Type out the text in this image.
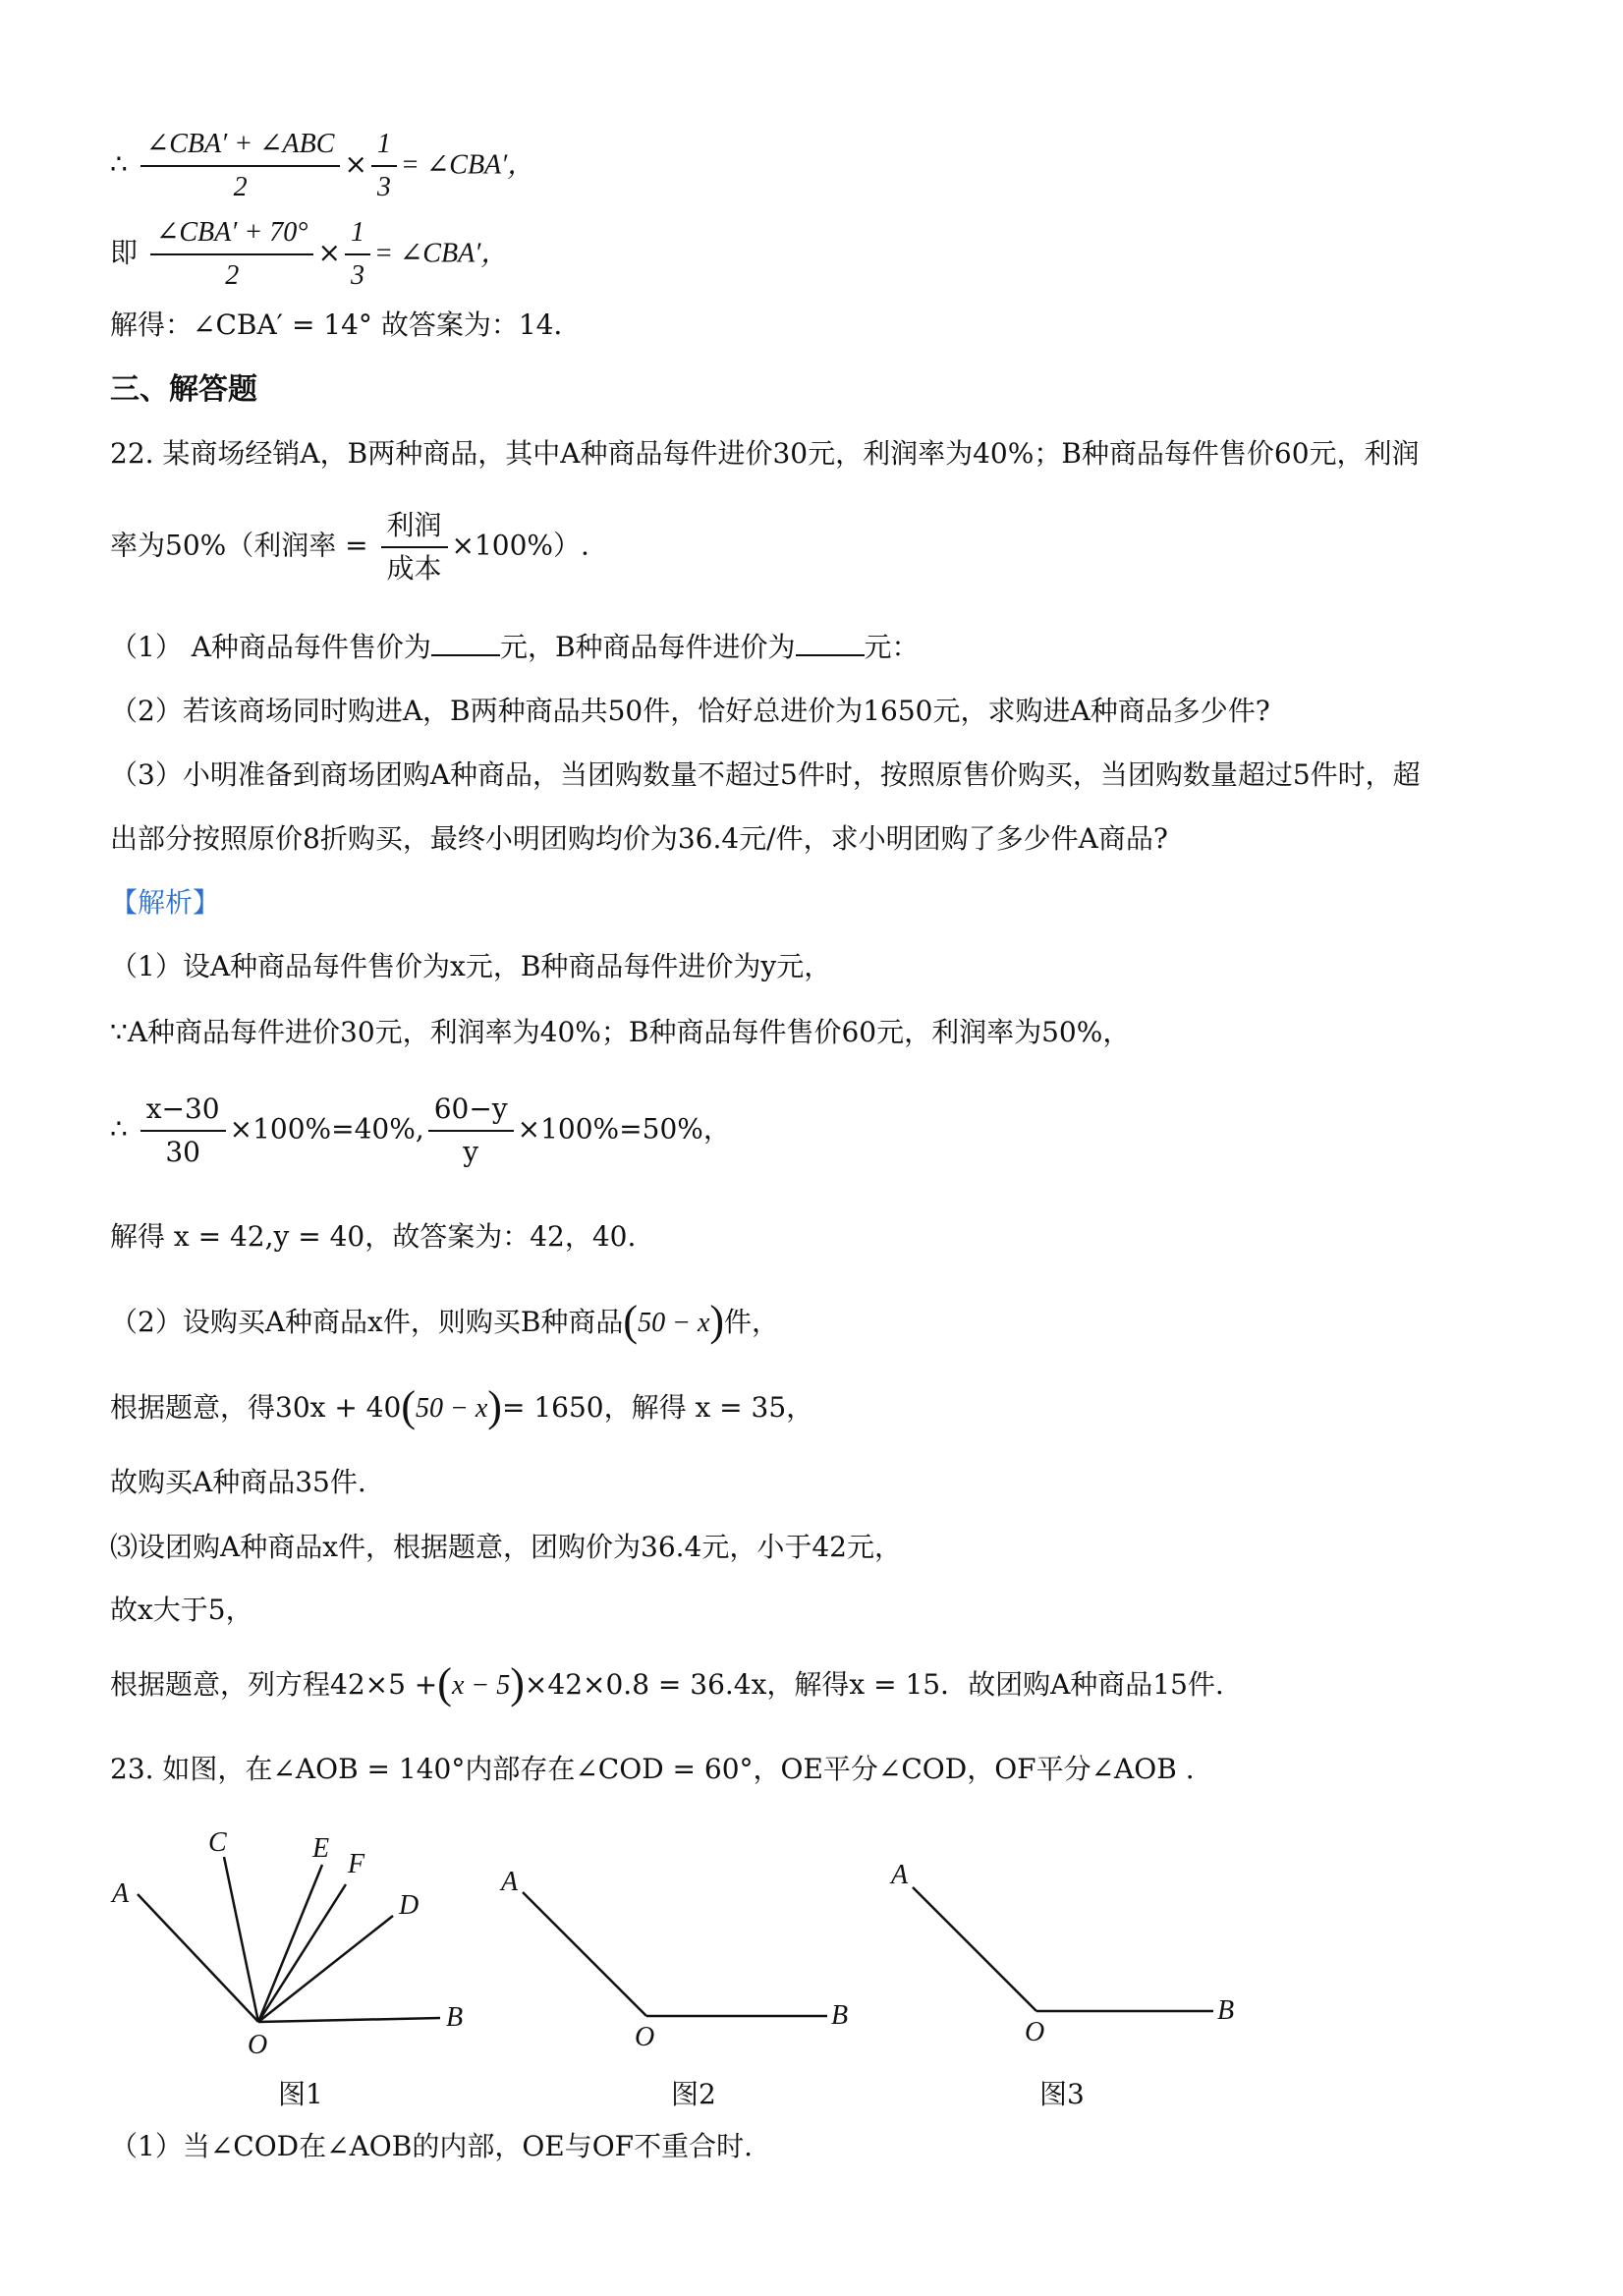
∴ $\frac{\text{∠CBA′ + ∠ABC}}{2} \times \frac{1}{3}$ = ∠CBA′，
即 $\frac{\text{∠CBA′ + 70°}}{2} \times \frac{1}{3}$ = ∠CBA′，
解得：∠CBA′ = 14° 故答案为：14．
三、解答题
22. 某商场经销A，B两种商品，其中A种商品每件进价30元，利润率为40%；B种商品每件售价60元，利润
率为50%（利润率 = $\frac{\text{利润}}{\text{成本}} \times 100\%$）.
（1） A种商品每件售价为	元，B种商品每件进价为	元：
（2）若该商场同时购进A，B两种商品共50件，恰好总进价为1650元，求购进A种商品多少件?
（3）小明准备到商场团购A种商品，当团购数量不超过5件时，按照原售价购买，当团购数量超过5件时，超
出部分按照原价8折购买，最终小明团购均价为36.4元/件，求小明团购了多少件A商品?
【解析】
（1）设A种商品每件售价为x元，B种商品每件进价为y元，
∵A种商品每件进价30元，利润率为40%；B种商品每件售价60元，利润率为50%，
∴ $\frac{x-30}{30} \times 100\%=40\%$, $\frac{60-y}{y} \times 100\%=50\%$，
解得 x = 42,y = 40，故答案为：42，40.
（2）设购买A种商品x件，则购买B种商品(50 − x)件，
根据题意，得30x + 40(50 − x)= 1650，解得 x = 35，
故购买A种商品35件.
⑶设团购A种商品x件，根据题意，团购价为36.4元，小于42元，
故x大于5，
根据题意，列方程42×5 +(x − 5)×42×0.8 = 36.4x，解得x = 15．故团购A种商品15件.
23. 如图，在∠AOB = 140°内部存在∠COD = 60°，OE平分∠COD，OF平分∠AOB .
A
C	E
F
D
B
O
图1
A
O
B
图2
A
O
B
图3
（1）当∠COD在∠AOB的内部，OE与OF不重合时.
